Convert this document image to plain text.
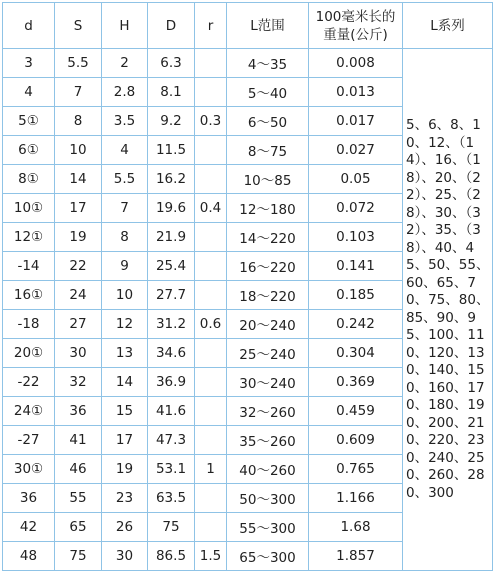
d	S	H	D	r	L范围	100毫米长的重量(公斤)	L系列
3	5.5	2	6.3		4～35	0.008	5、6、8、10、12、（14）、16、（18）、20、（22）、25、（28）、30、（32）、35、（38）、40、45、50、55、60、65、70、75、80、85、90、95、100、110、120、130、140、150、160、170、180、190、200、210、220、230、240、250、260、280、300
4	7	2.8	8.1		5～40	0.013	
5①	8	3.5	9.2	0.3	6～50	0.017	
6①	10	4	11.5		8～75	0.027	
8①	14	5.5	16.2		10～85	0.05	
10①	17	7	19.6	0.4	12～180	0.072	
12①	19	8	21.9		14～220	0.103	
-14	22	9	25.4		16～220	0.141	
16①	24	10	27.7		18～220	0.185	
-18	27	12	31.2	0.6	20～240	0.242	
20①	30	13	34.6		25～240	0.304	
-22	32	14	36.9		30～240	0.369	
24①	36	15	41.6		32～260	0.459	
-27	41	17	47.3		35～260	0.609	
30①	46	19	53.1	1	40～260	0.765	
36	55	23	63.5		50～300	1.166	
42	65	26	75		55～300	1.68	
48	75	30	86.5	1.5	65～300	1.857	
